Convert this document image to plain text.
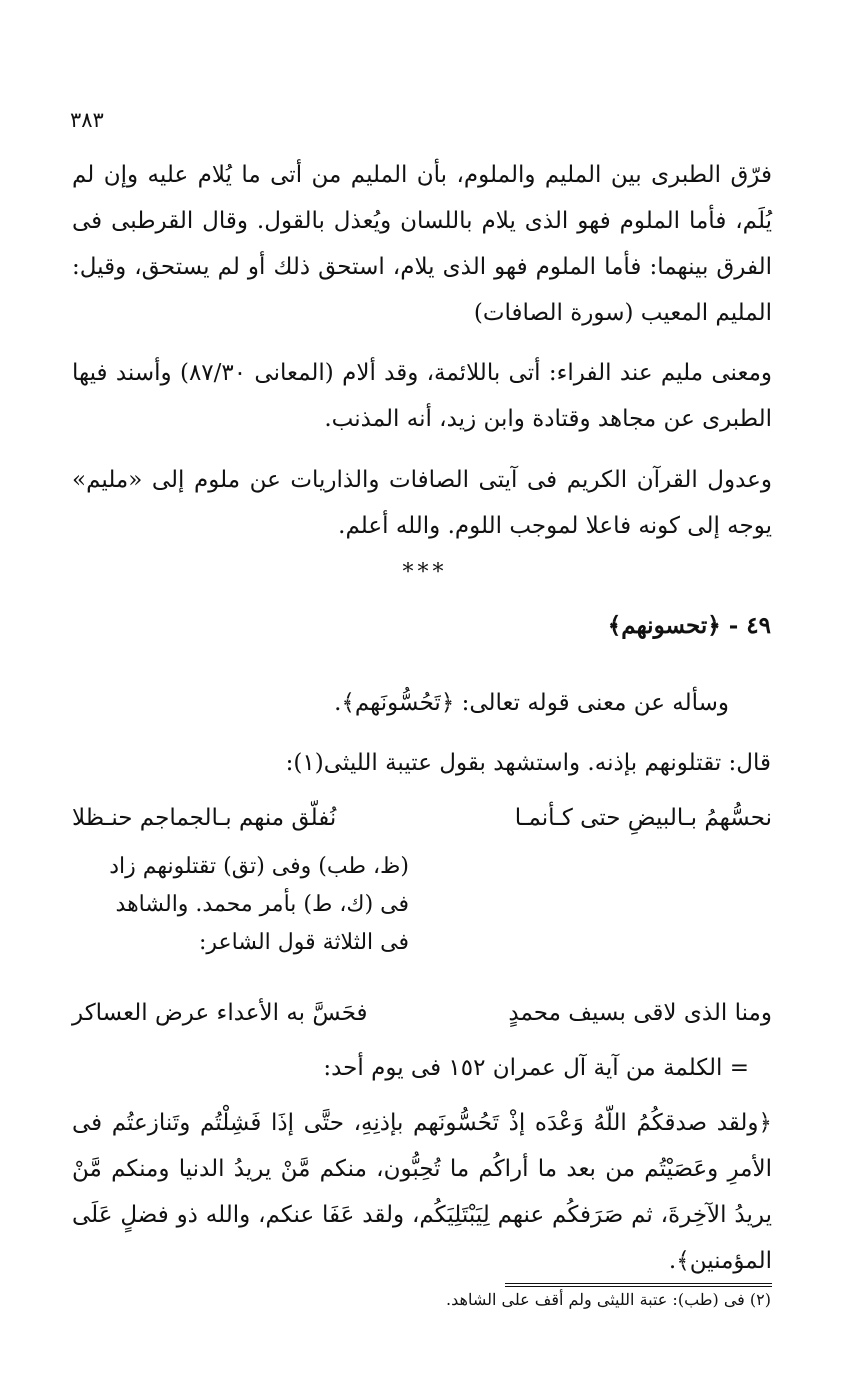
٣٨٣
فرّق الطبرى بين المليم والملوم، بأن المليم من أتى ما يُلام عليه وإن لم يُلَم، فأما الملوم فهو الذى يلام باللسان ويُعذل بالقول. وقال القرطبى فى الفرق بينهما: فأما الملوم فهو الذى يلام، استحق ذلك أو لم يستحق، وقيل: المليم المعيب (سورة الصافات)
ومعنى مليم عند الفراء: أتى باللائمة، وقد ألام (المعانى ٨٧/٣٠) وأسند فيها الطبرى عن مجاهد وقتادة وابن زيد، أنه المذنب.
وعدول القرآن الكريم فى آيتى الصافات والذاريات عن ملوم إلى «مليم» يوجه إلى كونه فاعلا لموجب اللوم. والله أعلم.
***
٤٩ - ﴿تحسونهم﴾
وسأله عن معنى قوله تعالى: ﴿تَحُسُّونَهم﴾.
قال: تقتلونهم بإذنه. واستشهد بقول عتيبة الليثى(١):
نحسُّهمُ بـالبيضِ حتى كـأنمـا
نُفلّق منهم بـالجماجم حنـظلا
(ظ، طب) وفى (تق) تقتلونهم زاد فى (ك، ط) بأمر محمد. والشاهد فى الثلاثة قول الشاعر:
ومنا الذى لاقى بسيف محمدٍ
فحَسَّ به الأعداء عرض العساكر
= الكلمة من آية آل عمران ١٥٢ فى يوم أحد:
﴿ولقد صدقكُمُ اللّهُ وَعْدَه إذْ تَحُسُّونَهم بإذنِهِ، حتَّى إذَا فَشِلْتُم وتَنازعتُم فى الأمرِ وعَصَيْتُم من بعد ما أراكُم ما تُحِبُّون، منكم مَّنْ يريدُ الدنيا ومنكم مَّنْ يريدُ الآخِرةَ، ثم صَرَفكُم عنهم لِيَبْتَلِيَكُم، ولقد عَفَا عنكم، والله ذو فضلٍ عَلَى المؤمنين﴾.
(٢) فى (طب): عتبة الليثى ولم أقف على الشاهد.
